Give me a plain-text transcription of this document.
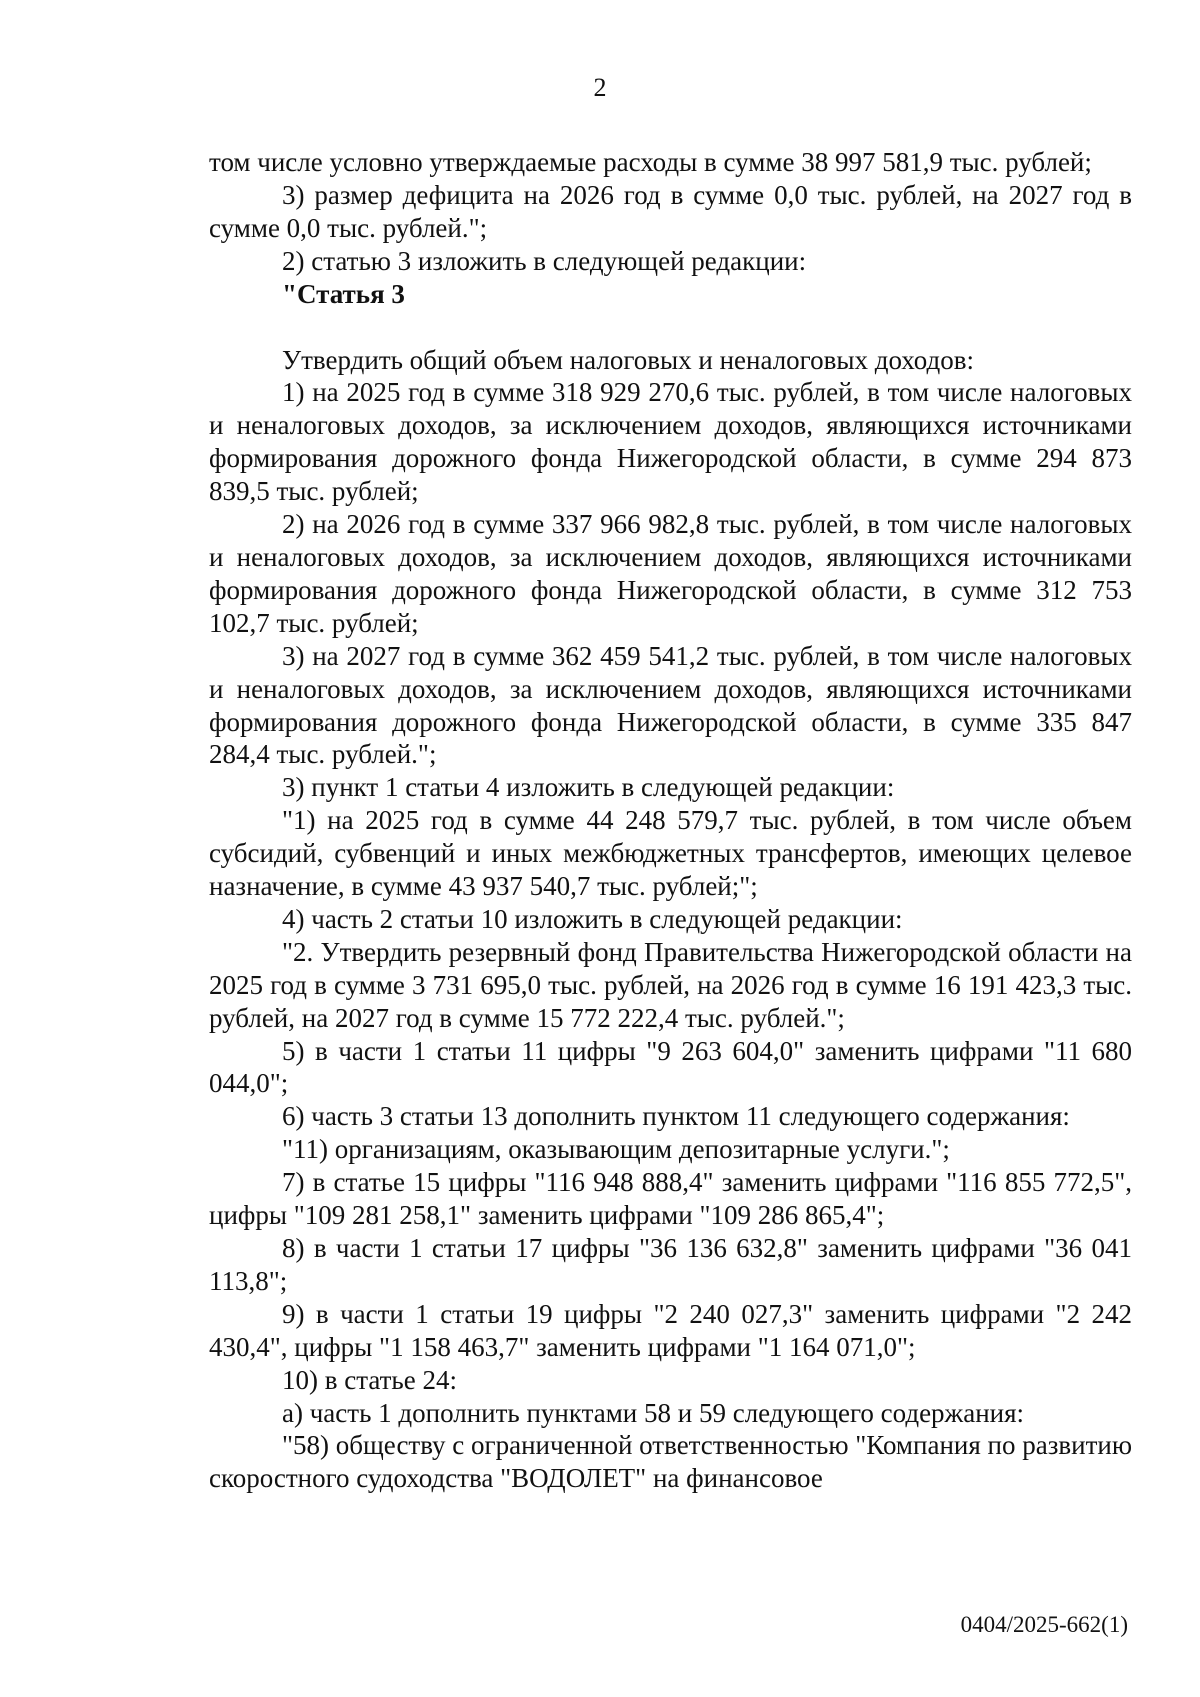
2

том числе условно утверждаемые расходы в сумме 38 997 581,9 тыс. рублей;

3) размер дефицита на 2026 год в сумме 0,0 тыс. рублей, на 2027 год в сумме 0,0 тыс. рублей.";

2) статью 3 изложить в следующей редакции:

"Статья 3

Утвердить общий объем налоговых и неналоговых доходов:

1) на 2025 год в сумме 318 929 270,6 тыс. рублей, в том числе налоговых и неналоговых доходов, за исключением доходов, являющихся источниками формирования дорожного фонда Нижегородской области, в сумме 294 873 839,5 тыс. рублей;

2) на 2026 год в сумме 337 966 982,8 тыс. рублей, в том числе налоговых и неналоговых доходов, за исключением доходов, являющихся источниками формирования дорожного фонда Нижегородской области, в сумме 312 753 102,7 тыс. рублей;

3) на 2027 год в сумме 362 459 541,2 тыс. рублей, в том числе налоговых и неналоговых доходов, за исключением доходов, являющихся источниками формирования дорожного фонда Нижегородской области, в сумме 335 847 284,4 тыс. рублей.";

3) пункт 1 статьи 4 изложить в следующей редакции:

"1) на 2025 год в сумме 44 248 579,7 тыс. рублей, в том числе объем субсидий, субвенций и иных межбюджетных трансфертов, имеющих целевое назначение, в сумме 43 937 540,7 тыс. рублей;";

4) часть 2 статьи 10 изложить в следующей редакции:

"2. Утвердить резервный фонд Правительства Нижегородской области на 2025 год в сумме 3 731 695,0 тыс. рублей, на 2026 год в сумме 16 191 423,3 тыс. рублей, на 2027 год в сумме 15 772 222,4 тыс. рублей.";

5) в части 1 статьи 11 цифры "9 263 604,0" заменить цифрами "11 680 044,0";

6) часть 3 статьи 13 дополнить пунктом 11 следующего содержания:

"11) организациям, оказывающим депозитарные услуги.";

7) в статье 15 цифры "116 948 888,4" заменить цифрами "116 855 772,5", цифры "109 281 258,1" заменить цифрами "109 286 865,4";

8) в части 1 статьи 17 цифры "36 136 632,8" заменить цифрами "36 041 113,8";

9) в части 1 статьи 19 цифры "2 240 027,3" заменить цифрами "2 242 430,4", цифры "1 158 463,7" заменить цифрами "1 164 071,0";

10) в статье 24:

а) часть 1 дополнить пунктами 58 и 59 следующего содержания:

"58) обществу с ограниченной ответственностью "Компания по развитию скоростного судоходства "ВОДОЛЕТ" на финансовое

0404/2025-662(1)
